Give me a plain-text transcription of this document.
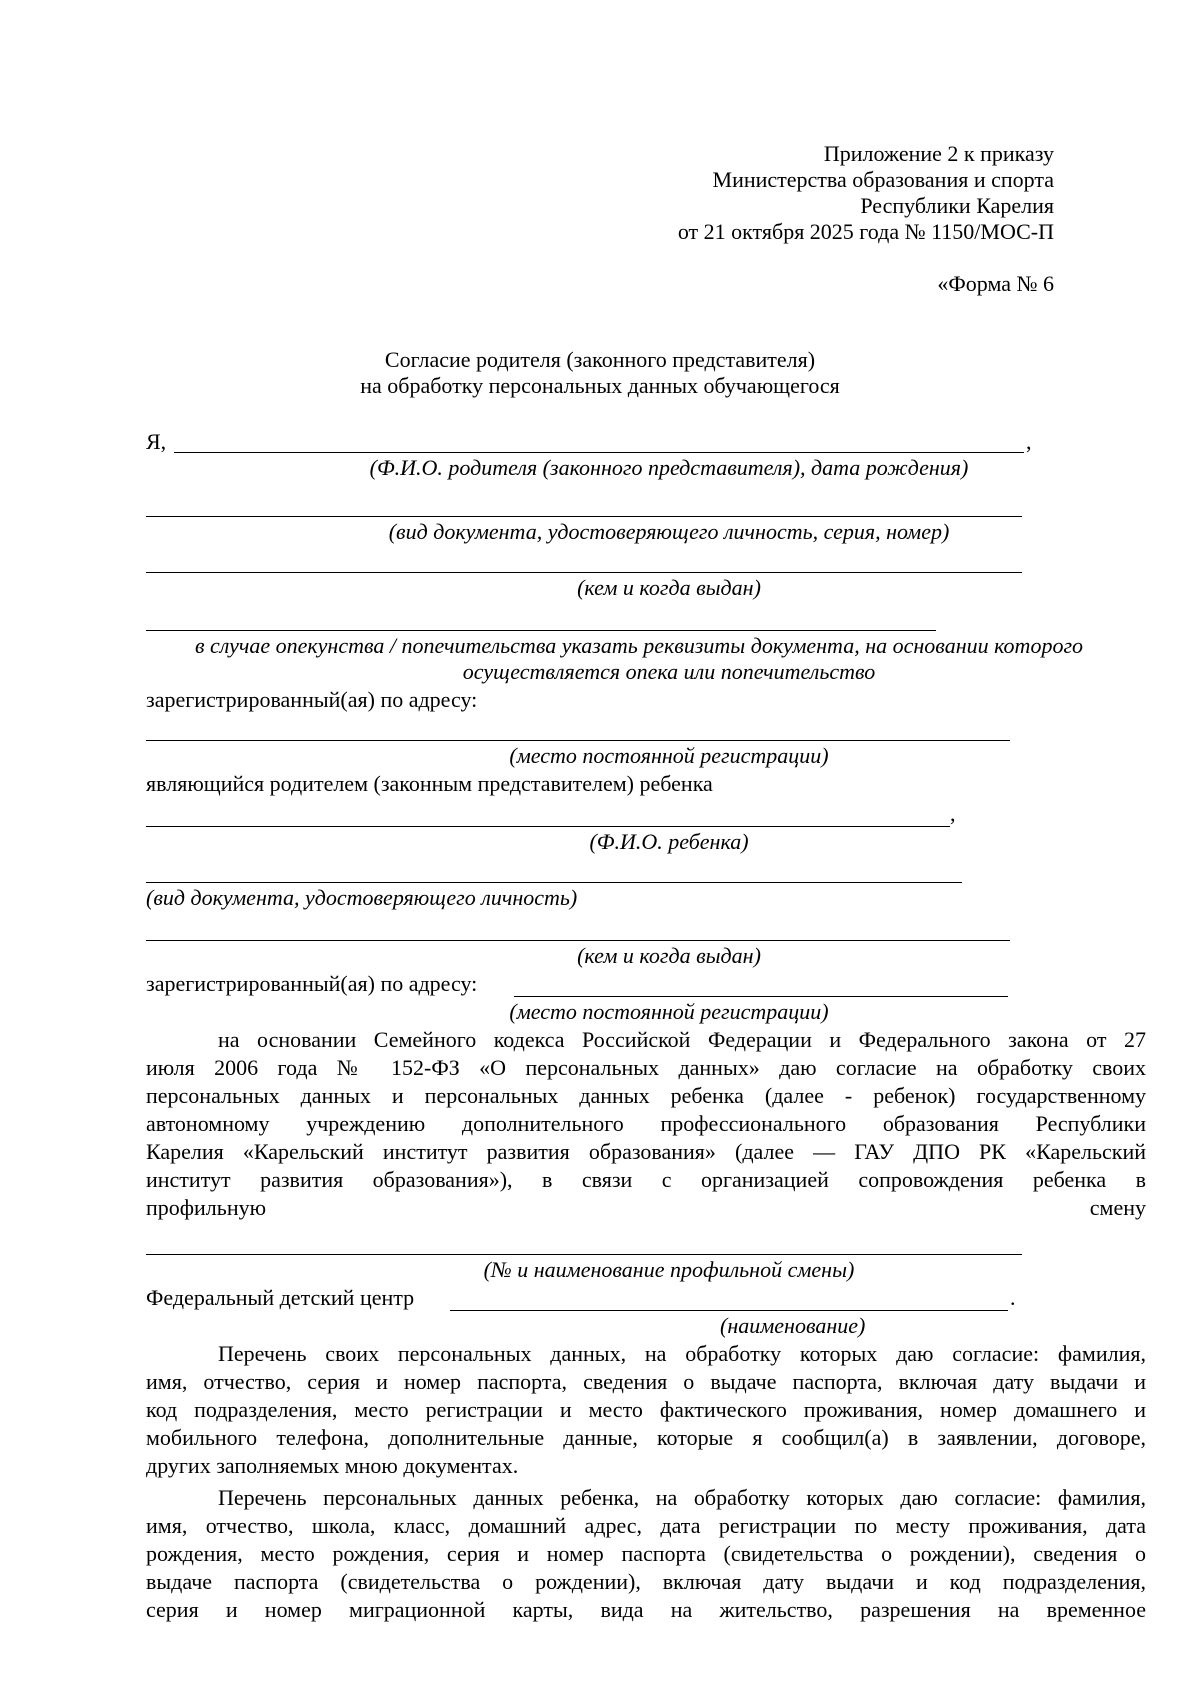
Приложение 2 к приказу
Министерства образования и спорта
Республики Карелия
от 21 октября 2025 года № 1150/МОС-П
«Форма № 6
Согласие родителя (законного представителя)
на обработку персональных данных обучающегося
Я,	,
(Ф.И.О. родителя (законного представителя), дата рождения)
(вид документа, удостоверяющего личность, серия, номер)
(кем и когда выдан)
в случае опекунства / попечительства указать реквизиты документа, на основании которого
осуществляется опека или попечительство
зарегистрированный(ая) по адресу:
(место постоянной регистрации)
являющийся родителем (законным представителем) ребенка
,
(Ф.И.О. ребенка)
(вид документа, удостоверяющего личность)
(кем и когда выдан)
зарегистрированный(ая) по адресу:
(место постоянной регистрации)
на основании Семейного кодекса Российской Федерации и Федерального закона от 27
июля 2006 года № 152-ФЗ «О персональных данных» даю согласие на обработку своих
персональных данных и персональных данных ребенка (далее - ребенок) государственному
автономному учреждению дополнительного профессионального образования Республики
Карелия «Карельский институт развития образования» (далее — ГАУ ДПО РК «Карельский
институт развития образования»), в связи с организацией сопровождения ребенка в
профильную смену
(№ и наименование профильной смены)
Федеральный детский центр	.
(наименование)
Перечень своих персональных данных, на обработку которых даю согласие: фамилия,
имя, отчество, серия и номер паспорта, сведения о выдаче паспорта, включая дату выдачи и
код подразделения, место регистрации и место фактического проживания, номер домашнего и
мобильного телефона, дополнительные данные, которые я сообщил(а) в заявлении, договоре,
других заполняемых мною документах.
Перечень персональных данных ребенка, на обработку которых даю согласие: фамилия,
имя, отчество, школа, класс, домашний адрес, дата регистрации по месту проживания, дата
рождения, место рождения, серия и номер паспорта (свидетельства о рождении), сведения о
выдаче паспорта (свидетельства о рождении), включая дату выдачи и код подразделения,
серия и номер миграционной карты, вида на жительство, разрешения на временное
